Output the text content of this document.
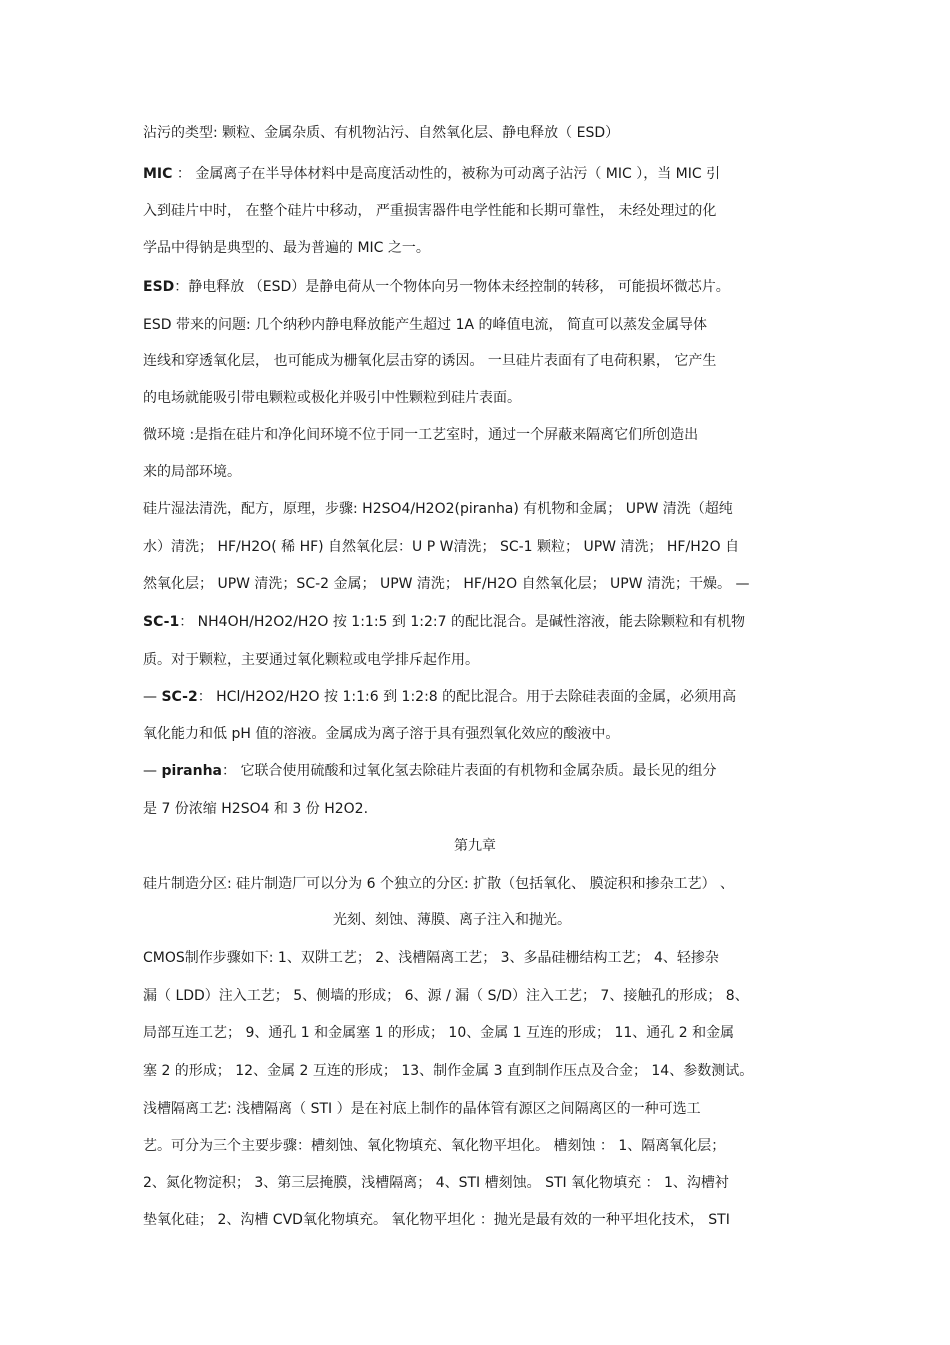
沾污的类型: 颗粒、金属杂质、有机物沾污、自然氧化层、静电释放（ ESD）
MIC ： 金属离子在半导体材料中是高度活动性的，被称为可动离子沾污（ MIC ），当 MIC 引
入到硅片中时， 在整个硅片中移动， 严重损害器件电学性能和长期可靠性， 未经处理过的化
学品中得钠是典型的、最为普遍的 MIC 之一。
ESD：静电释放 （ESD）是静电荷从一个物体向另一物体未经控制的转移， 可能损坏微芯片。
ESD 带来的问题: 几个纳秒内静电释放能产生超过 1A 的峰值电流， 简直可以蒸发金属导体
连线和穿透氧化层， 也可能成为栅氧化层击穿的诱因。 一旦硅片表面有了电荷积累， 它产生
的电场就能吸引带电颗粒或极化并吸引中性颗粒到硅片表面。
微环境 :是指在硅片和净化间环境不位于同一工艺室时，通过一个屏蔽来隔离它们所创造出
来的局部环境。
硅片湿法清洗，配方，原理，步骤: H2SO4/H2O2(piranha) 有机物和金属； UPW 清洗（超纯
水）清洗； HF/H2O( 稀 HF) 自然氧化层：U P W清洗； SC-1 颗粒； UPW 清洗； HF/H2O 自
然氧化层； UPW 清洗；SC-2 金属； UPW 清洗； HF/H2O 自然氧化层； UPW 清洗；干燥。 —
SC-1： NH4OH/H2O2/H2O 按 1:1:5 到 1:2:7 的配比混合。是碱性溶液，能去除颗粒和有机物
质。对于颗粒，主要通过氧化颗粒或电学排斥起作用。
— SC-2： HCl/H2O2/H2O 按 1:1:6 到 1:2:8 的配比混合。用于去除硅表面的金属，必须用高
氧化能力和低 pH 值的溶液。金属成为离子溶于具有强烈氧化效应的酸液中。
— piranha： 它联合使用硫酸和过氧化氢去除硅片表面的有机物和金属杂质。最长见的组分
是 7 份浓缩 H2SO4 和 3 份 H2O2.
第九章
硅片制造分区: 硅片制造厂可以分为 6 个独立的分区: 扩散（包括氧化、 膜淀积和掺杂工艺） 、
光刻、刻蚀、薄膜、离子注入和抛光。
CMOS制作步骤如下: 1、双阱工艺； 2、浅槽隔离工艺； 3、多晶硅栅结构工艺； 4、轻掺杂
漏（ LDD）注入工艺； 5、侧墙的形成； 6、源 / 漏（ S/D）注入工艺； 7、接触孔的形成； 8、
局部互连工艺； 9、通孔 1 和金属塞 1 的形成； 10、金属 1 互连的形成； 11、通孔 2 和金属
塞 2 的形成； 12、金属 2 互连的形成； 13、制作金属 3 直到制作压点及合金； 14、参数测试。
浅槽隔离工艺: 浅槽隔离（ STI ）是在衬底上制作的晶体管有源区之间隔离区的一种可选工
艺。可分为三个主要步骤：槽刻蚀、氧化物填充、氧化物平坦化。 槽刻蚀 ： 1、隔离氧化层；
2、氮化物淀积； 3、第三层掩膜，浅槽隔离； 4、STI 槽刻蚀。 STI 氧化物填充 ： 1、沟槽衬
垫氧化硅； 2、沟槽 CVD氧化物填充。 氧化物平坦化 ：抛光是最有效的一种平坦化技术， STI
